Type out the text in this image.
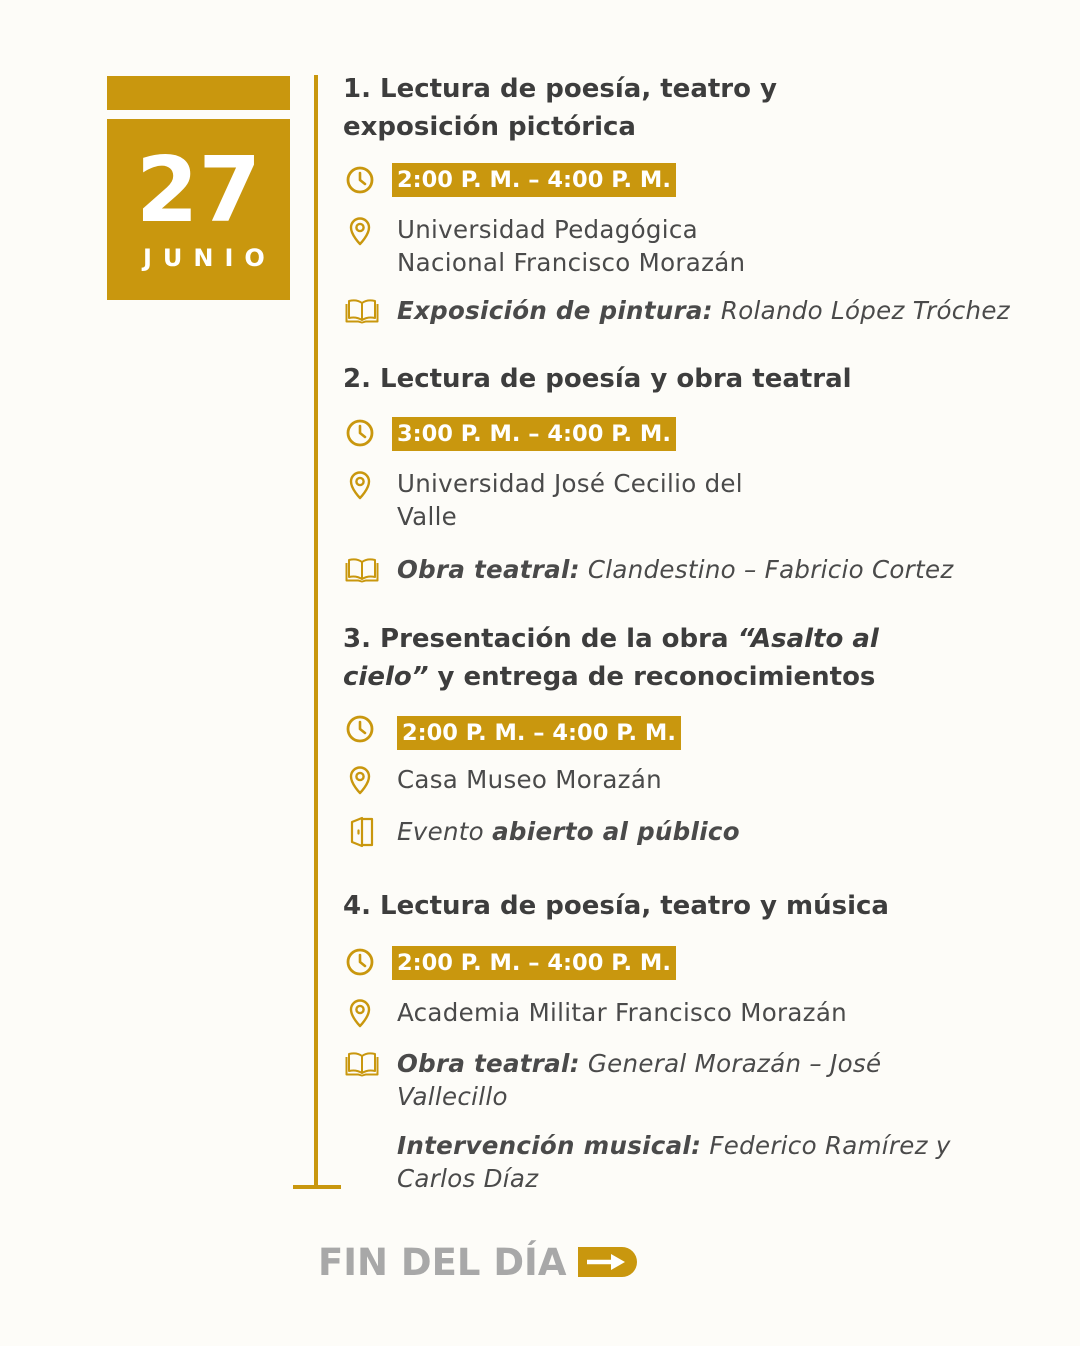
27
JUNIO
1. Lectura de poesía, teatro y
exposición pictórica
2:00 P. M. – 4:00 P. M.
Universidad Pedagógica
Nacional Francisco Morazán
Exposición de pintura: Rolando López Tróchez
2. Lectura de poesía y obra teatral
3:00 P. M. – 4:00 P. M.
Universidad José Cecilio del
Valle
Obra teatral: Clandestino – Fabricio Cortez
3. Presentación de la obra “Asalto al
cielo” y entrega de reconocimientos
2:00 P. M. – 4:00 P. M.
Casa Museo Morazán
Evento abierto al público
4. Lectura de poesía, teatro y música
2:00 P. M. – 4:00 P. M.
Academia Militar Francisco Morazán
Obra teatral: General Morazán – José
Vallecillo
Intervención musical: Federico Ramírez y
Carlos Díaz
FIN DEL DÍA
